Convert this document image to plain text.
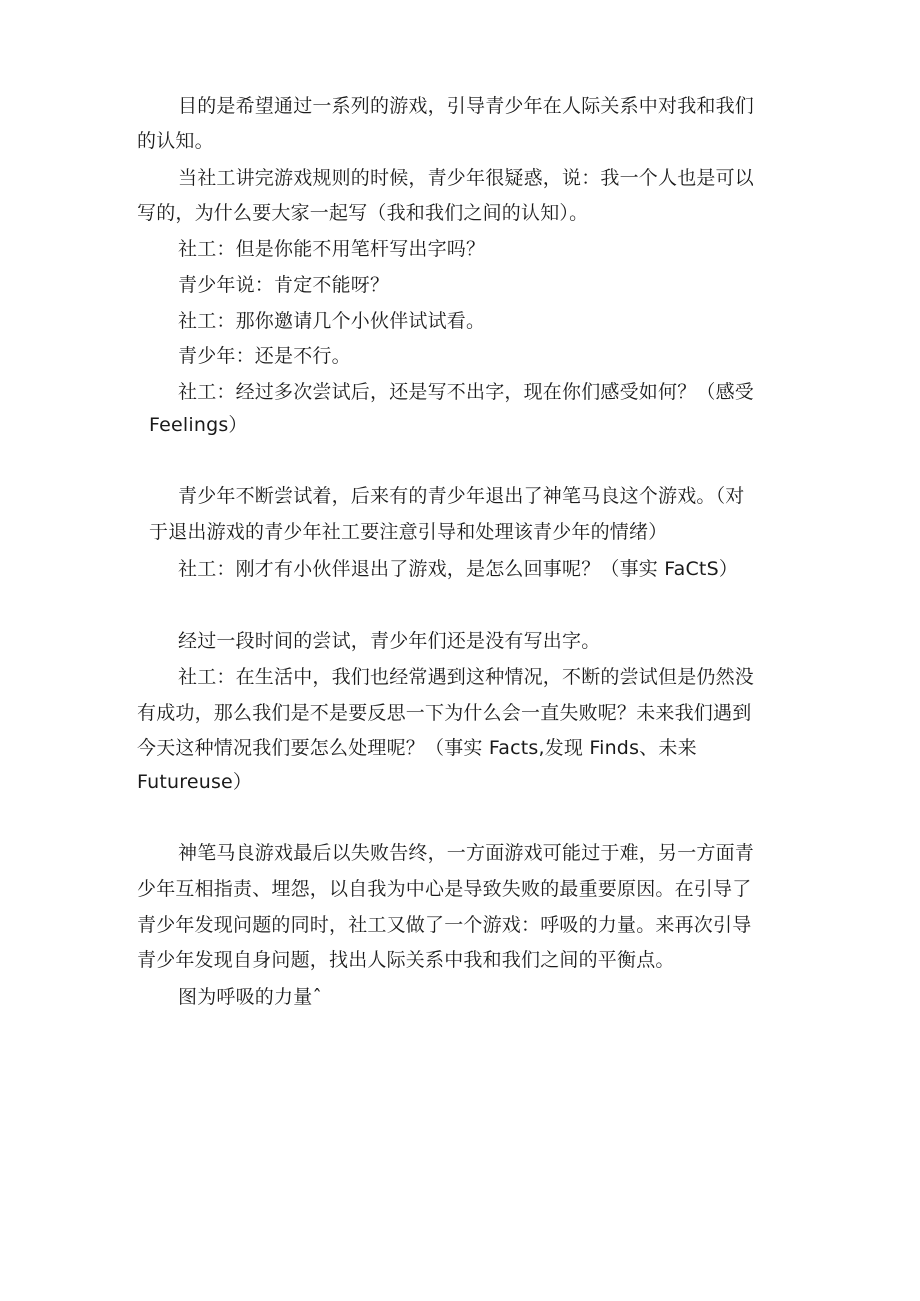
目的是希望通过一系列的游戏，引导青少年在人际关系中对我和我们
的认知。
当社工讲完游戏规则的时候，青少年很疑惑，说：我一个人也是可以
写的，为什么要大家一起写（我和我们之间的认知）。
社工：但是你能不用笔杆写出字吗？
青少年说：肯定不能呀？
社工：那你邀请几个小伙伴试试看。
青少年：还是不行。
社工：经过多次尝试后，还是写不出字，现在你们感受如何？（感受
Feelings）
青少年不断尝试着，后来有的青少年退出了神笔马良这个游戏。（对
于退出游戏的青少年社工要注意引导和处理该青少年的情绪）
社工：刚才有小伙伴退出了游戏，是怎么回事呢？（事实 FaCtS）
经过一段时间的尝试，青少年们还是没有写出字。
社工：在生活中，我们也经常遇到这种情况，不断的尝试但是仍然没
有成功，那么我们是不是要反思一下为什么会一直失败呢？未来我们遇到
今天这种情况我们要怎么处理呢？（事实 Facts,发现 Finds、未来
Futureuse）
神笔马良游戏最后以失败告终，一方面游戏可能过于难，另一方面青
少年互相指责、埋怨，以自我为中心是导致失败的最重要原因。在引导了
青少年发现问题的同时，社工又做了一个游戏：呼吸的力量。来再次引导
青少年发现自身问题，找出人际关系中我和我们之间的平衡点。
图为呼吸的力量ˆ
